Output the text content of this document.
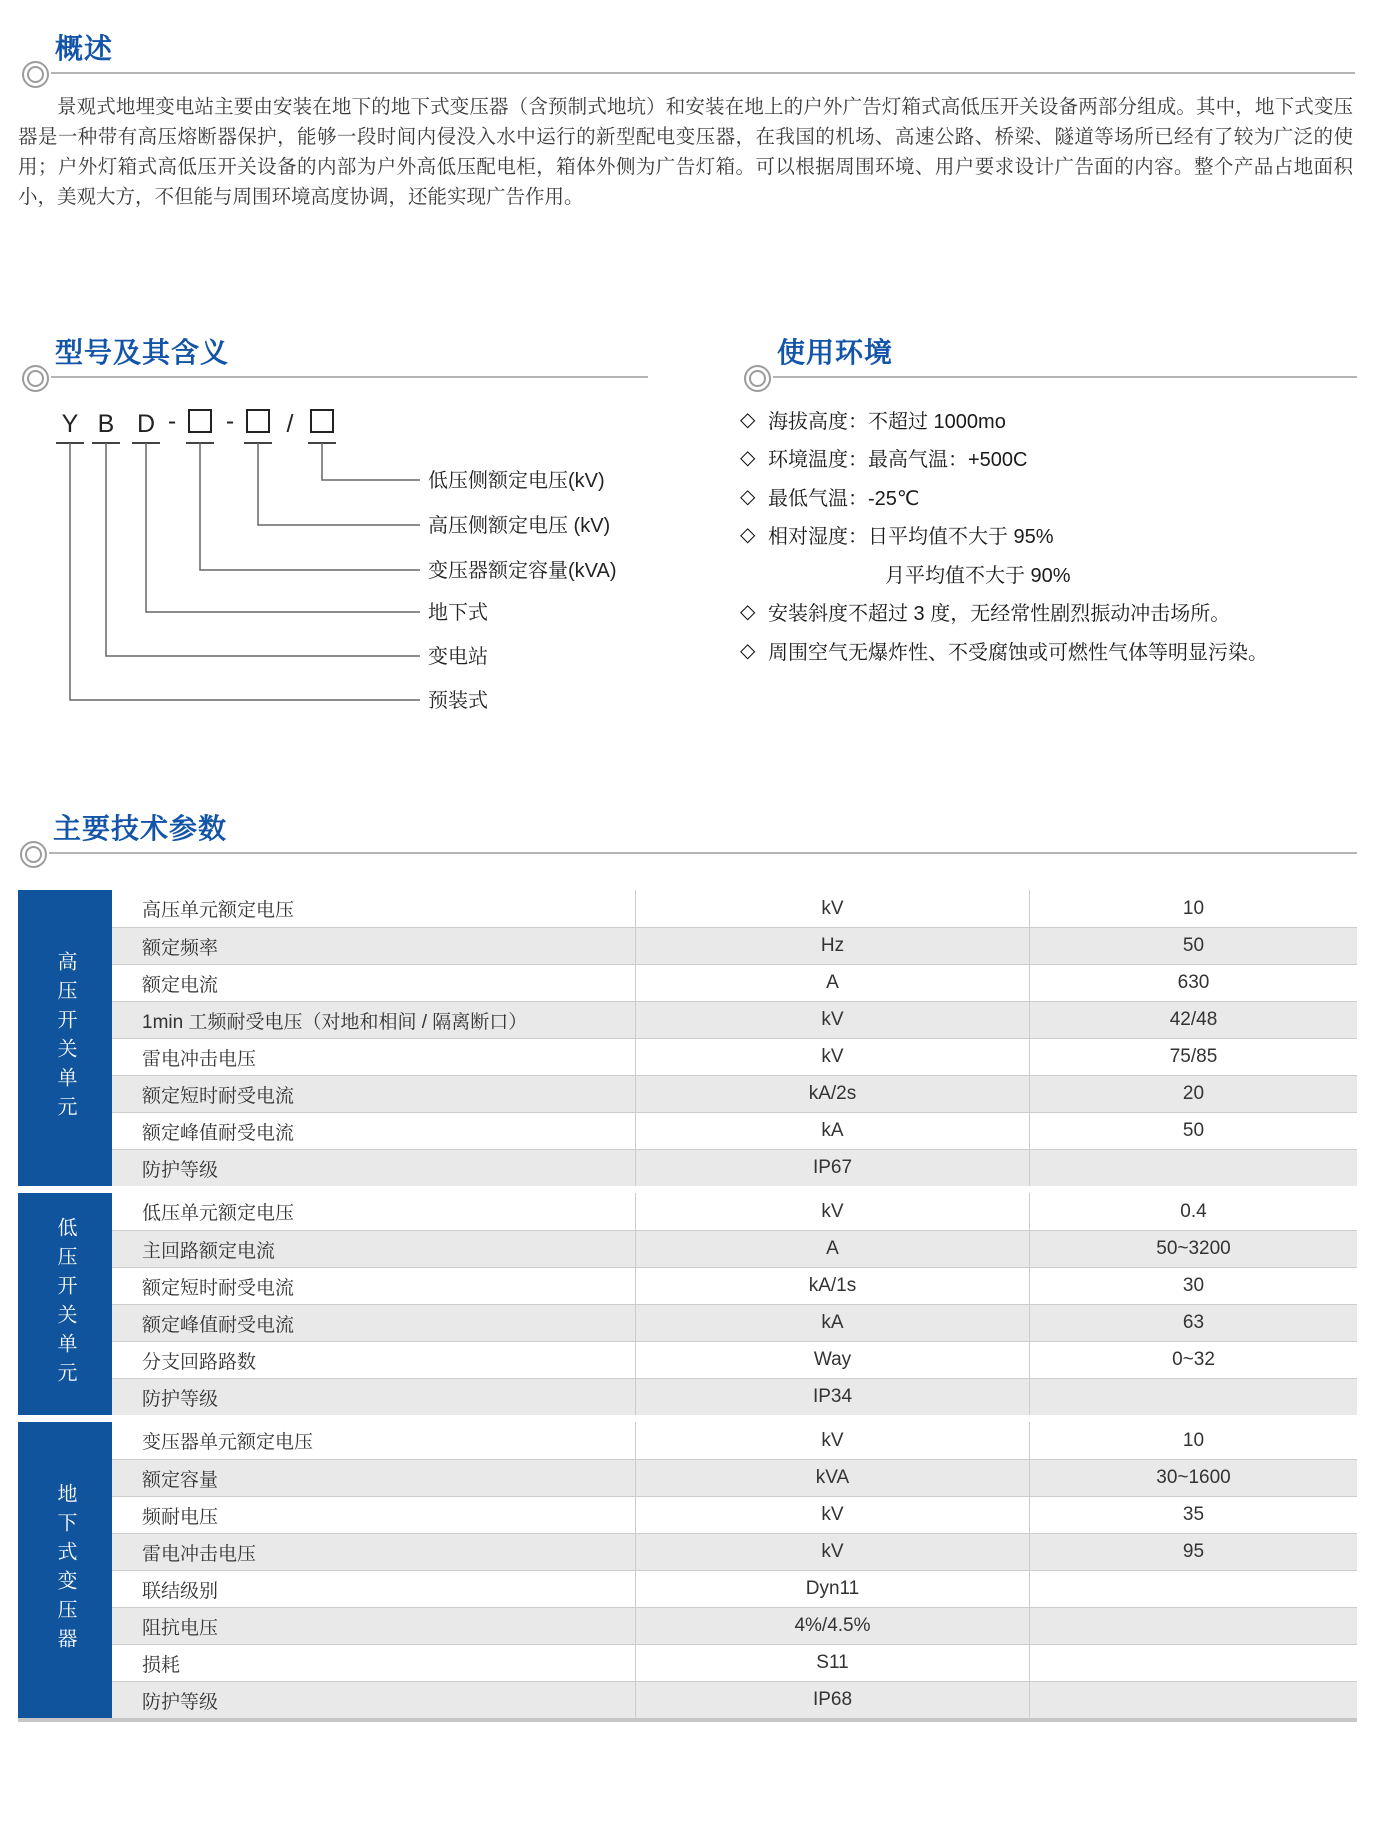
概述
景观式地埋变电站主要由安装在地下的地下式变压器（含预制式地坑）和安装在地上的户外广告灯箱式高低压开关设备两部分组成。其中，地下式变压器是一种带有高压熔断器保护，能够一段时间内侵没入水中运行的新型配电变压器，在我国的机场、高速公路、桥梁、隧道等场所已经有了较为广泛的使用；户外灯箱式高低压开关设备的内部为户外高低压配电柜，箱体外侧为广告灯箱。可以根据周围环境、用户要求设计广告面的内容。整个产品占地面积小，美观大方，不但能与周围环境高度协调，还能实现广告作用。
型号及其含义
Y B D - - /
低压侧额定电压(kV)
高压侧额定电压 (kV)
变压器额定容量(kVA)
地下式
变电站
预装式
使用环境
◇ 海拔高度：不超过 1000mo
◇ 环境温度：最高气温：+500C
◇ 最低气温：-25℃
◇ 相对湿度：日平均值不大于 95%
月平均值不大于 90%
◇ 安装斜度不超过 3 度，无经常性剧烈振动冲击场所。
◇ 周围空气无爆炸性、不受腐蚀或可燃性气体等明显污染。
主要技术参数
高压开关单元
高压单元额定电压	kV	10
额定频率	Hz	50
额定电流	A	630
1min 工频耐受电压（对地和相间 / 隔离断口）	kV	42/48
雷电冲击电压	kV	75/85
额定短时耐受电流	kA/2s	20
额定峰值耐受电流	kA	50
防护等级	IP67
低压开关单元
低压单元额定电压	kV	0.4
主回路额定电流	A	50~3200
额定短时耐受电流	kA/1s	30
额定峰值耐受电流	kA	63
分支回路路数	Way	0~32
防护等级	IP34
地下式变压器
变压器单元额定电压	kV	10
额定容量	kVA	30~1600
频耐电压	kV	35
雷电冲击电压	kV	95
联结级别	Dyn11
阻抗电压	4%/4.5%
损耗	S11
防护等级	IP68
